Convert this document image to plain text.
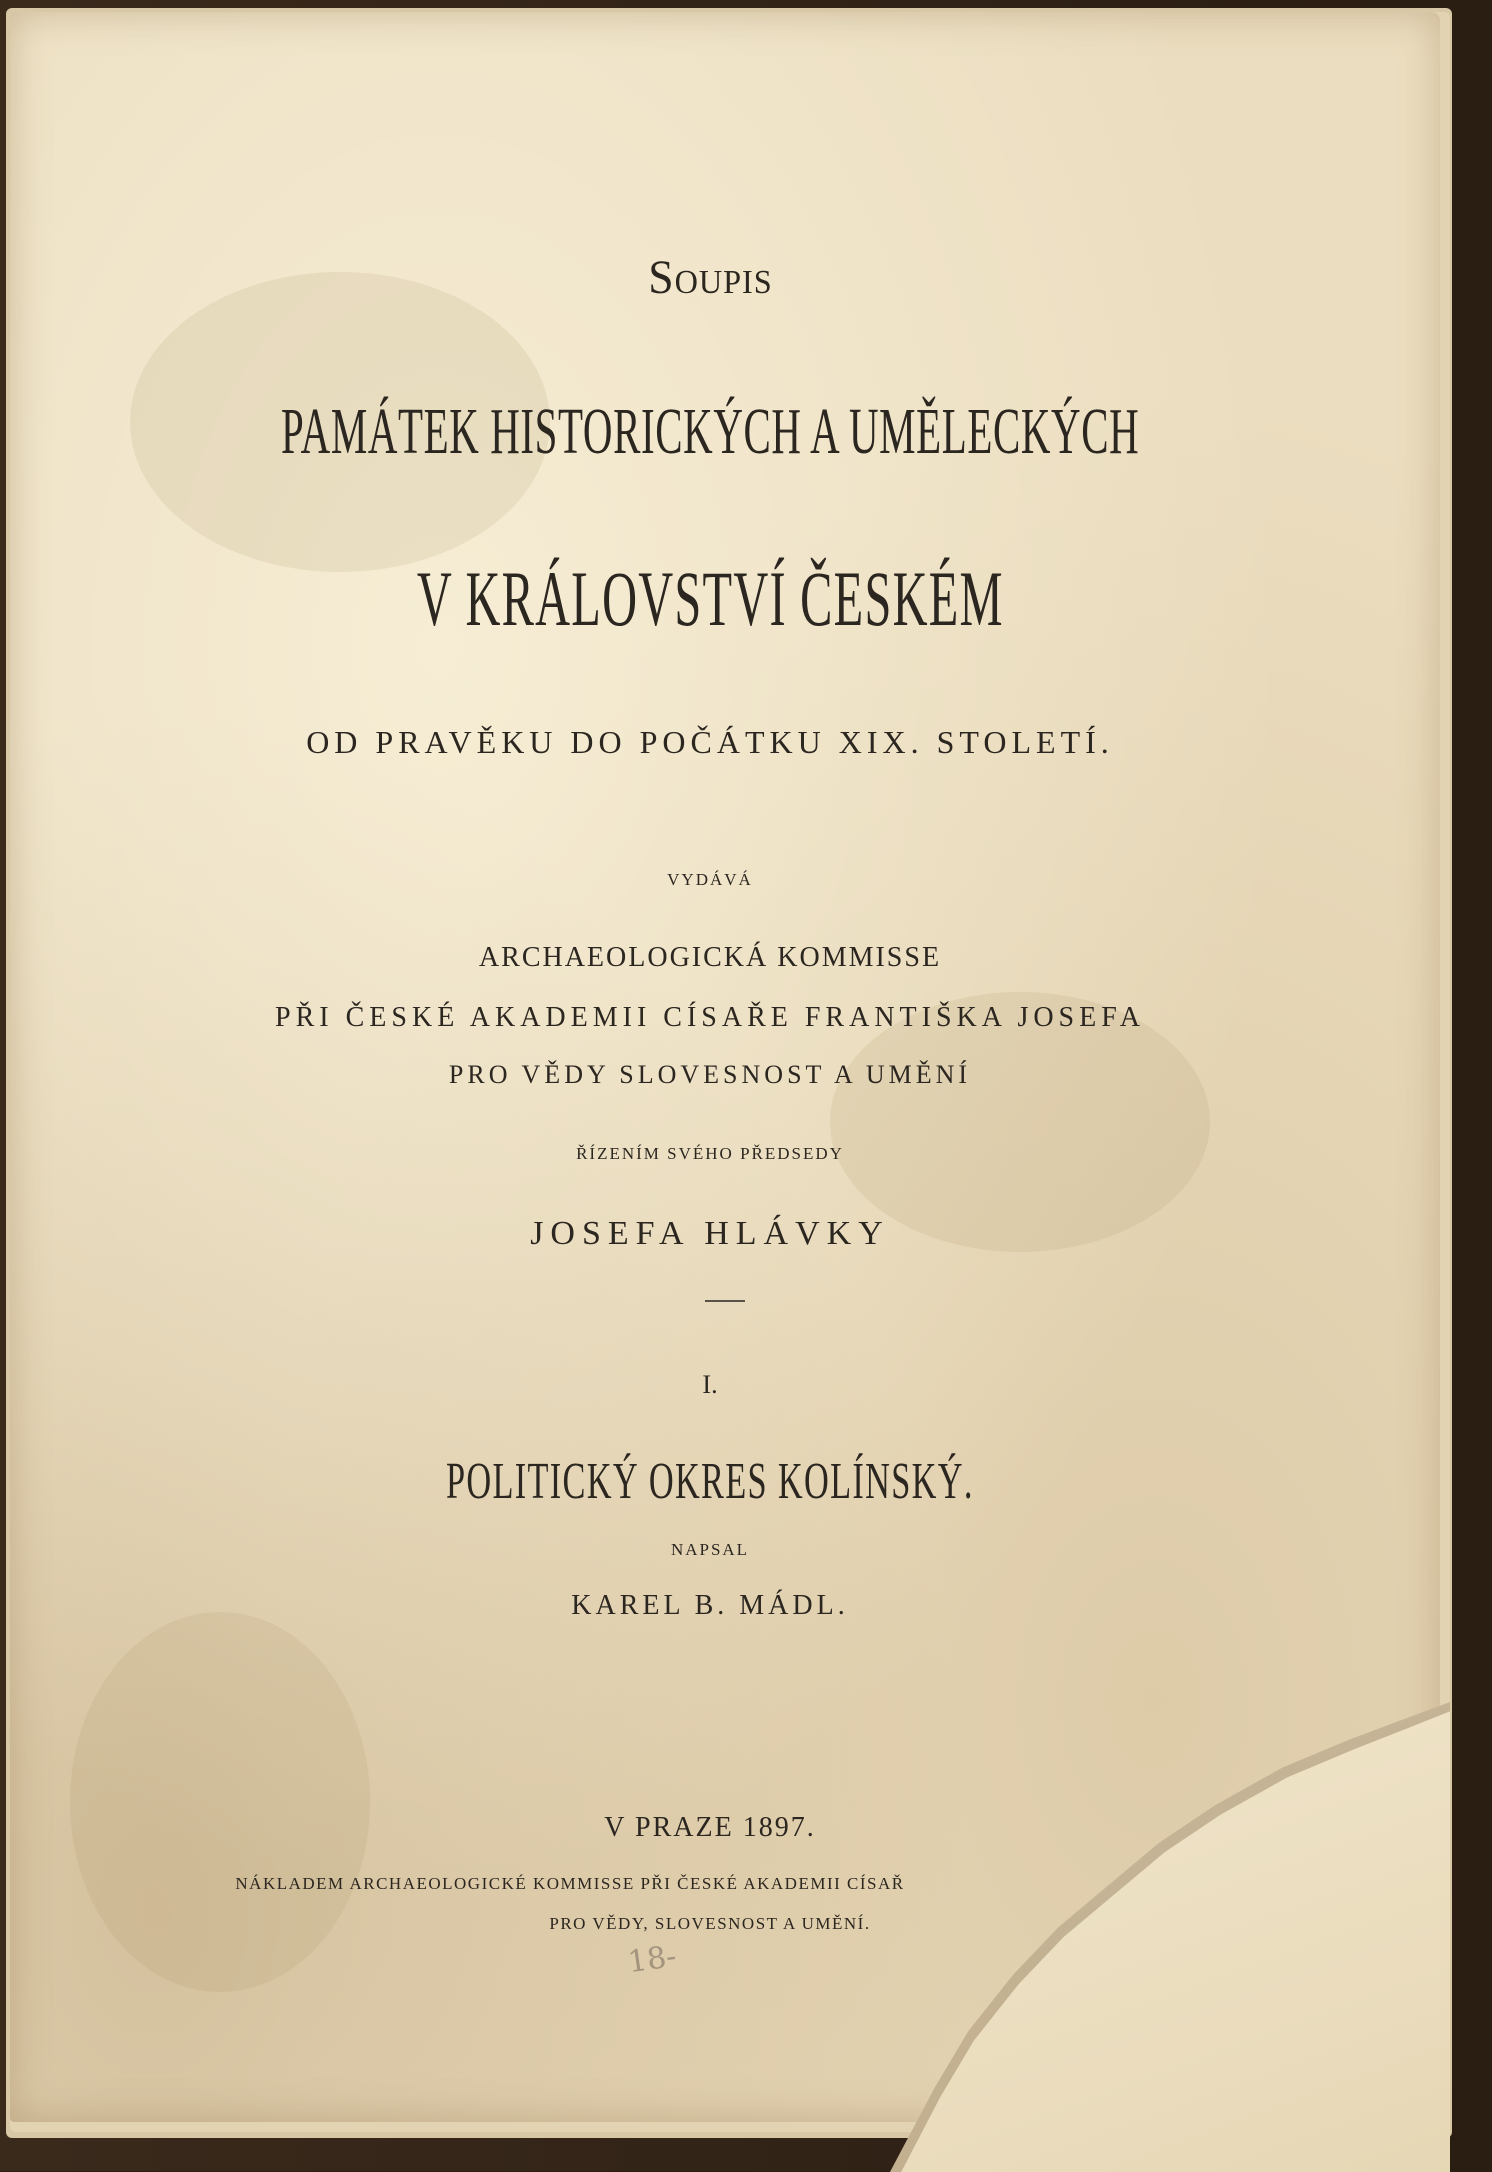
Soupis
PAMÁTEK HISTORICKÝCH A UMĚLECKÝCH
V KRÁLOVSTVÍ ČESKÉM
OD PRAVĚKU DO POČÁTKU XIX. STOLETÍ.
VYDÁVÁ
ARCHAEOLOGICKÁ KOMMISSE
PŘI ČESKÉ AKADEMII CÍSAŘE FRANTIŠKA JOSEFA
PRO VĚDY SLOVESNOST A UMĚNÍ
ŘÍZENÍM SVÉHO PŘEDSEDY
JOSEFA HLÁVKY
I.
POLITICKÝ OKRES KOLÍNSKÝ.
NAPSAL
KAREL B. MÁDL.
V PRAZE 1897.
NÁKLADEM ARCHAEOLOGICKÉ KOMMISSE PŘI ČESKÉ AKADEMII CÍSAŘ
PRO VĚDY, SLOVESNOST A UMĚNÍ.
18-
